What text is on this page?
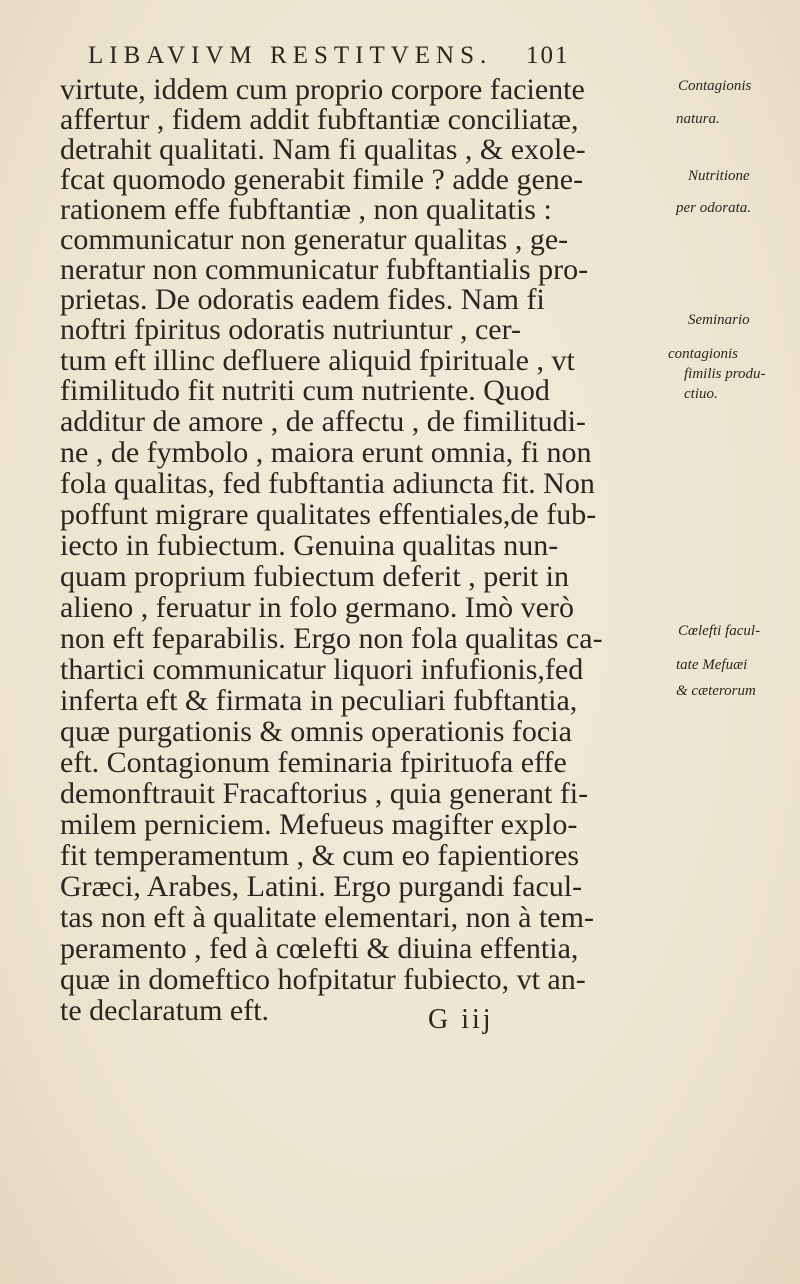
LIBAVIVM RESTITVENS. 101
virtute, iddem cum proprio corpore faciente
affertur , fidem addit fubftantiæ conciliatæ,
detrahit qualitati. Nam fi qualitas , & exole-
fcat quomodo generabit fimile ? adde gene-
rationem effe fubftantiæ , non qualitatis :
communicatur non generatur qualitas , ge-
neratur non communicatur fubftantialis pro-
prietas. De odoratis eadem fides. Nam fi
noftri fpiritus odoratis nutriuntur , cer-
tum eft illinc defluere aliquid fpirituale , vt
fimilitudo fit nutriti cum nutriente. Quod
additur de amore , de affectu , de fimilitudi-
ne , de fymbolo , maiora erunt omnia, fi non
fola qualitas, fed fubftantia adiuncta fit. Non
poffunt migrare qualitates effentiales,de fub-
iecto in fubiectum. Genuina qualitas nun-
quam proprium fubiectum deferit , perit in
alieno , feruatur in folo germano. Imò verò
non eft feparabilis. Ergo non fola qualitas ca-
thartici communicatur liquori infufionis,fed
inferta eft & firmata in peculiari fubftantia,
quæ purgationis & omnis operationis focia
eft. Contagionum feminaria fpirituofa effe
demonftrauit Fracaftorius , quia generant fi-
milem perniciem. Mefueus magifter explo-
fit temperamentum , & cum eo fapientiores
Græci, Arabes, Latini. Ergo purgandi facul-
tas non eft à qualitate elementari, non à tem-
peramento , fed à cœlefti & diuina effentia,
quæ in domeftico hofpitatur fubiecto, vt an-
te declaratum eft.
Contagionis
natura.
Nutritione
per odorata.
Seminario
contagionis
fimilis produ-
ctiuo.
Cœlefti facul-
tate Mefuæi
& cæterorum
G iij
